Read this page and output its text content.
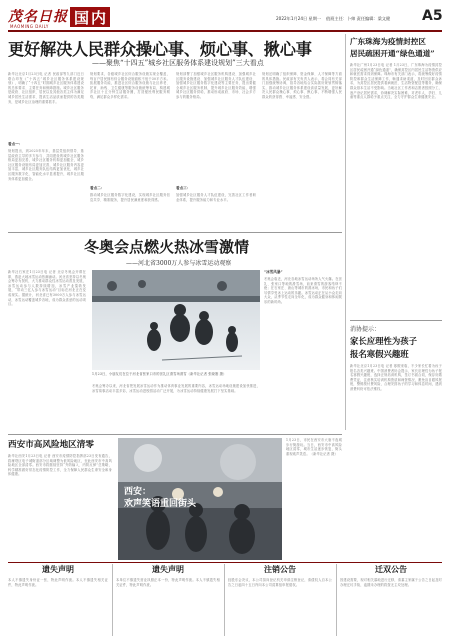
茂名日报
MAOMING DAILY 国内	2022年1月24日 星期一 值班主任：卜帅 责任编辑：梁文健 A5
更好解决人民群众操心事、烦心事、揪心事
——聚焦“十四五”城乡社区服务体系建设规划”三大看点
新华社北京1月23日电 记者 民政部等九部门近日联合印发《“十四五”城乡社区服务体系建设规划》，明确了“十四五”时期城乡社区服务体系建设的总体要求、主要任务和保障措施。城乡社区服务是政府、社区组织、居民以及其他各类主体为满足城乡居民生活需求、提高生活品质而提供的各类服务，是城乡社区治理的重要抓手。
看点一：
规划提出，到2025年年末，基层党组织领导、基层政府主导的多方参与、共同建设的城乡社区服务格局更加完善，城乡社区服务机构更加健全，城乡社区服务设施布局更加完善，城乡社区服务内容更加丰富，城乡社区服务队伍结构更加优化，城乡社区服务数字化、智能化水平显著提升，城乡社区服务体系更加健全。
规划要求，各级城乡社区综合服务设施实现全覆盖，每百户居民拥有综合服务设施面积不低于30平方米。拓展服务功能，推进社区综合服务设施与社区养老、托育、助残、卫生健康等服务设施统筹布局，构建城乡社区十五分钟生活服务圈，打造便民利民服务网络，满足群众多样化需求。
看点二：
推动城乡社区服务数字化建设，实现城乡社区服务信息共享、精准服务，提升居民满意度和获得感。
规划部署了加强城乡社区服务机构建设、加强城乡社区服务设施建设、加强城乡社区服务人才队伍建设、加强城乡社区服务数字化建设等主要任务，提出要健全城乡社区服务机制，提升城乡社区服务效能，增强城乡社区服务供给，推动形成政府、市场、社会多方参与的服务格局。
看点三：
加强城乡社区服务人才队伍建设，完善社区工作者职业体系，提升服务能力和专业水平。
规划还明确了组织保障、资金保障、人才保障等方面的具体措施。民政部有关负责人表示，将会同有关部门加强统筹协调，指导各地结合实际抓好规划贯彻落实，推动城乡社区服务体系建设高质量发展，更好解决人民群众操心事、烦心事、揪心事，不断增强人民群众的获得感、幸福感、安全感。
广东珠海为疫情封控区
居民疏困开通“绿色通道”
新华社广州1月23日电 记者 1月23日，广东珠海为疫情封控区居民疏困开通“绿色通道”，确保封控区内居民生活物资供应和就医需求得到保障。珠海市有关部门表示，将统筹做好疫情防控和群众生活保障工作，畅通求助渠道，及时回应群众诉求，为封控区居民提供看病就医、生活物资配送等服务，确保群众基本生活不受影响。当地社区工作者和志愿者按照分工，逐户登记居民需求，协调解决实际困难，对老年人、孕妇、儿童等重点人群给予重点关注，全力守护群众生命健康安全。
消协提示：
家长应理性为孩子
报名寒假兴趣班
新华社北京1月23日电 记者 寒假来临，不少家长忙着为孩子报名各类兴趣班。中国消费者协会提示，家长应理性为孩子报名寒假兴趣班，选择正规培训机构，签订书面合同，保存好缴费凭证，注意核实培训机构资质和师资情况，避免盲目跟风报班，警惕预付费风险，合理安排孩子的学习和休息时间，遇到消费纠纷可依法维权。
冬奥会点燃火热冰雪激情
——河北省3000万人参与冰雪运动观察
新华社石家庄1月23日电 记者 北京冬奥会开幕在即，燕赵大地冰雪运动热潮涌动。河北省坚持以冬奥会筹办为契机，大力推动群众性冰雪运动普及发展，冰雪运动参与人数持续增加，冰雪产业蓬勃发展，“带动三亿人参与冰雪运动”目标在河北正在变成现实。据统计，河北省已有3000万人参与冰雪运动，冰雪运动覆盖城乡各地，成为群众喜爱的运动项目。
1月23日，小朋友们在位于河北省张家口市的崇礼区滑雪场滑雪（新华社记者 张晓刚 摄）
“冰雪风暴”
冬奥会临近，河北各地冰雪运动场所人气火爆。在崇礼、张家口等地的滑雪场，前来滑雪的游客络绎不绝；在石家庄、唐山等城市的滑冰场，市民和孩子们尽情享受冰上运动的乐趣。冰雪运动正在从小众走向大众，从季节性走向全年化，成为群众健身和休闲娱乐的新时尚。
冬奥会筹办以来，河北省把发展冰雪运动作为推动体育事业发展的重要内容，冰雪运动场地设施建设加快推进，冰雪赛事活动丰富多彩，冰雪运动进校园活动广泛开展，为冰雪运动持续健康发展打下坚实基础。
西安市高风险地区清零
新华社西安1月23日电 记者 西安市疫情防控指挥部23日发布通告，将雁塔区电子城街道部分区域调整为低风险地区，至此西安市中高风险地区全部清零。西安市将继续坚持“外防输入、内防反弹”总策略，科学精准做好常态化疫情防控工作，全力保障人民群众生命安全和身体健康。
西安：
欢声笑语重回街头
1月23日，市民在西安市大唐不夜城步行街游玩。当日，西安市中高风险地区清零，城市生活逐步恢复，街头重现欢声笑语。（新华社记者 摄）
遗失声明
本人不慎遗失身份证一张，特此声明作废。本人不慎遗失相关证件，特此声明作废。
遗失声明
本单位不慎遗失营业执照正本一份，特此声明作废。本人不慎遗失相关证件，特此声明作废。
注销公告
经股东会决议，本公司拟向登记机关申请注销登记，请债权人自本公告之日起四十五日内向本公司清算组申报债权。
迁双公告
因建设需要，现对相关墓地进行迁移，请墓主家属于公告之日起及时办理迁坟手续，逾期未办理的将按无主坟处理。
